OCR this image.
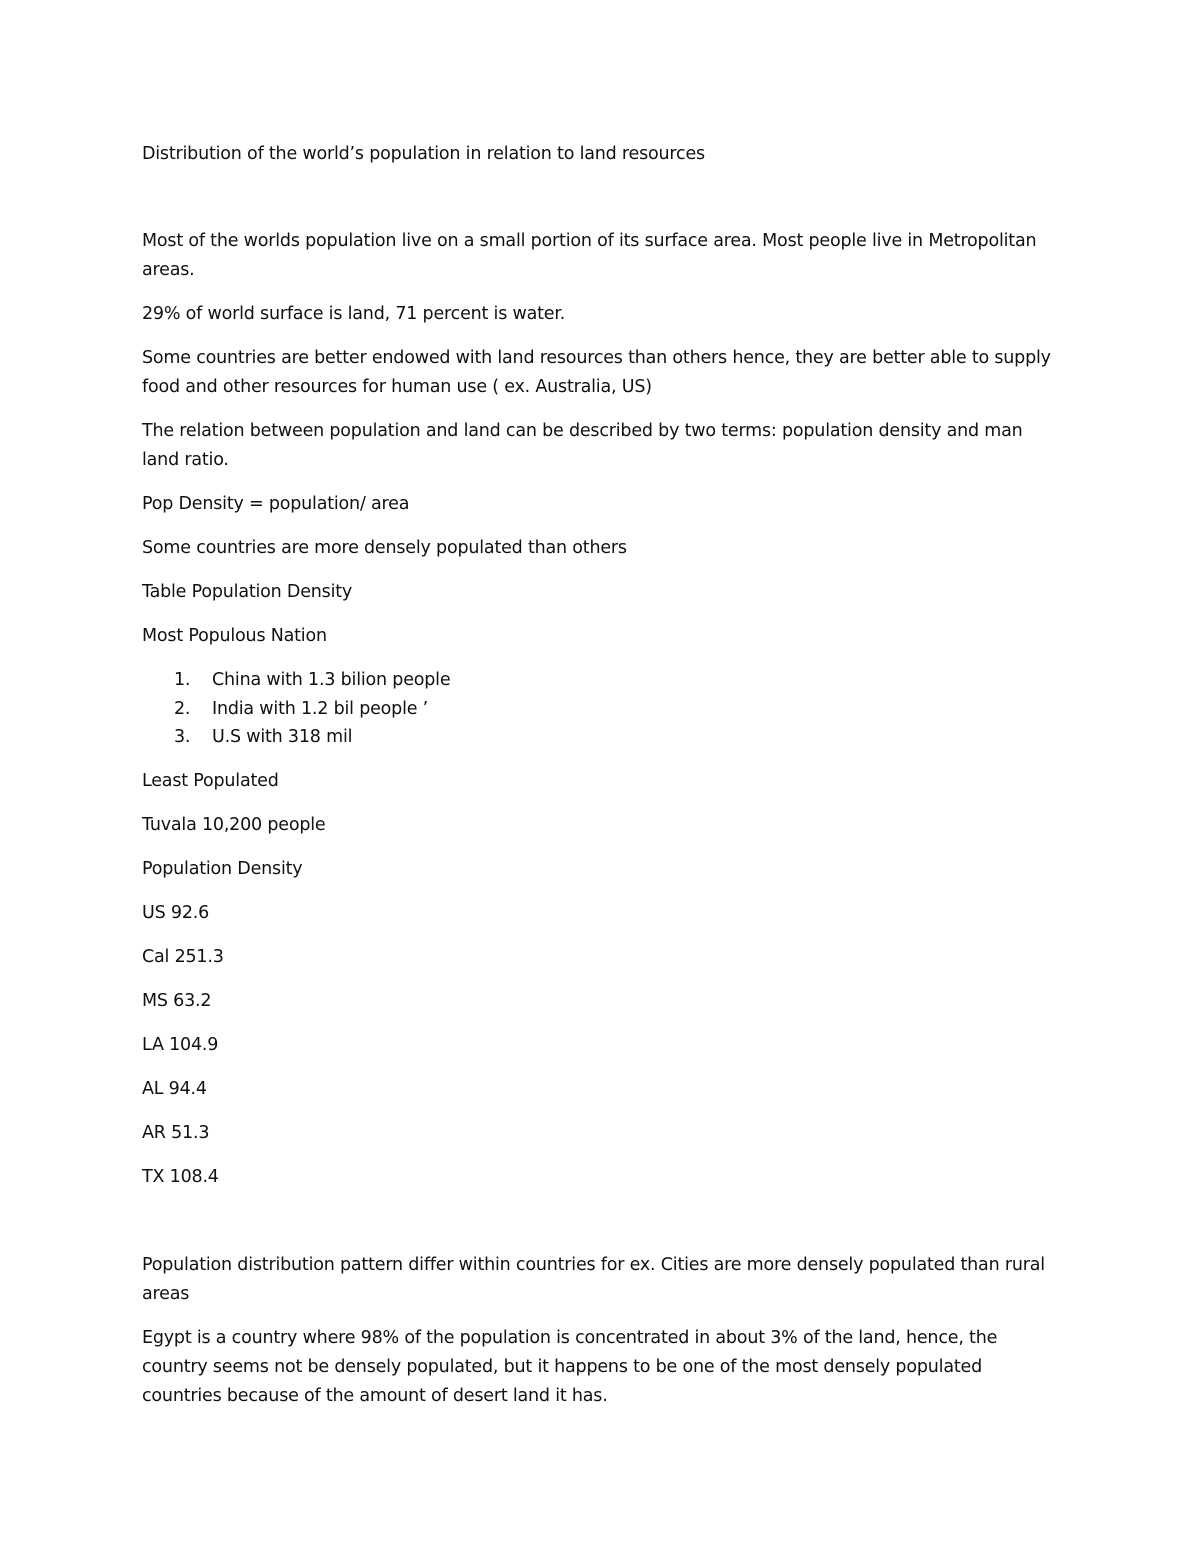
Distribution of the world’s population in relation to land resources

Most of the worlds population live on a small portion of its surface area. Most people live in Metropolitan areas.

29% of world surface is land, 71 percent is water.

Some countries are better endowed with land resources than others hence, they are better able to supply food and other resources for human use ( ex. Australia, US)

The relation between population and land can be described by two terms: population density and man land ratio.

Pop Density = population/ area

Some countries are more densely populated than others

Table Population Density

Most Populous Nation

1. China with 1.3 bilion people
2. India with 1.2 bil people ’
3. U.S with 318 mil

Least Populated

Tuvala 10,200 people

Population Density

US 92.6

Cal 251.3

MS 63.2

LA 104.9

AL 94.4

AR 51.3

TX 108.4

Population distribution pattern differ within countries for ex. Cities are more densely populated than rural areas

Egypt is a country where 98% of the population is concentrated in about 3% of the land, hence, the country seems not be densely populated, but it happens to be one of the most densely populated countries because of the amount of desert land it has.
